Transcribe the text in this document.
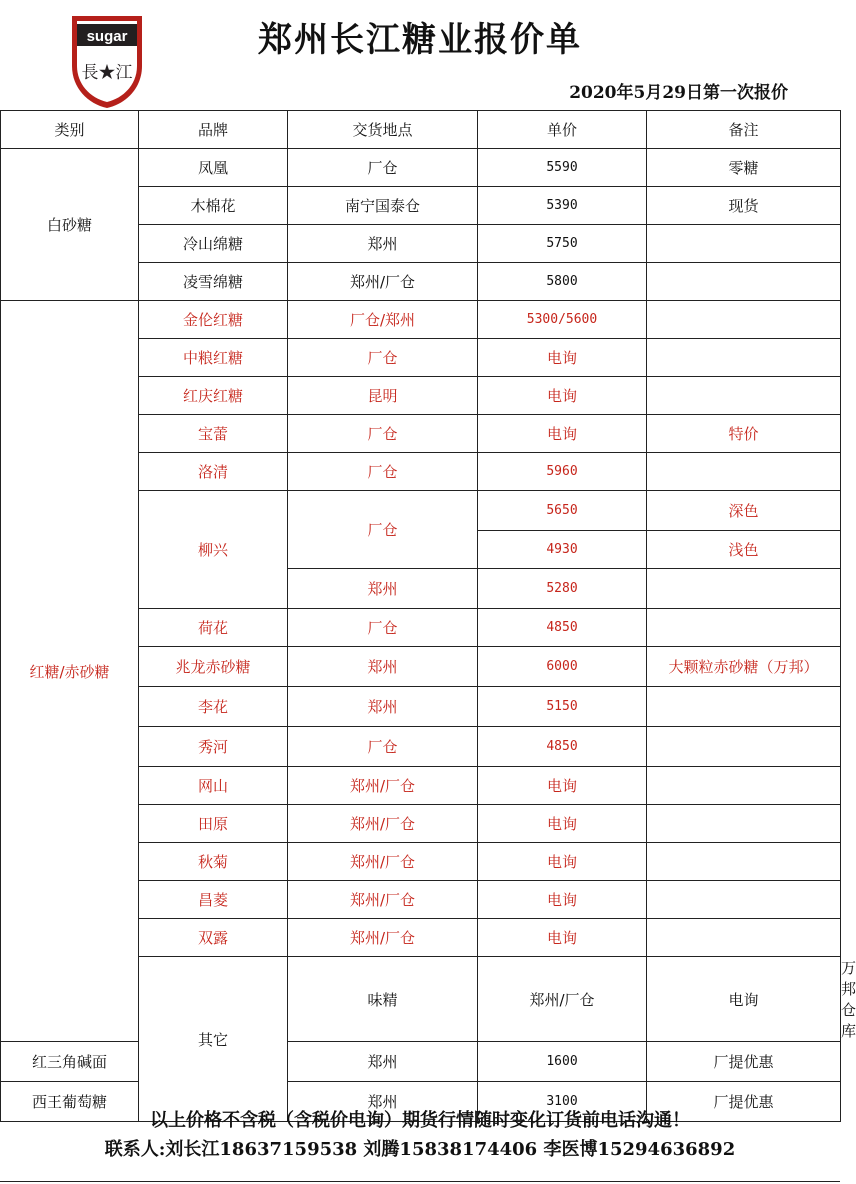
sugar
長★江
郑州长江糖业报价单
2020年5月29日第一次报价
类别	品牌	交货地点	单价	备注	
白砂糖	凤凰	厂仓	5590	零糖	
	木棉花	南宁国泰仓	5390	现货	
	冷山绵糖	郑州	5750		
	凌雪绵糖	郑州/厂仓	5800		
红糖/赤砂糖	金伦红糖	厂仓/郑州	5300/5600		
	中粮红糖	厂仓	电询		
	红庆红糖	昆明	电询		
	宝蕾	厂仓	电询	特价	
	洛清	厂仓	5960		
	柳兴	厂仓	5650	深色	
			4930	浅色	
		郑州	5280		
	荷花	厂仓	4850		
	兆龙赤砂糖	郑州	6000	大颗粒赤砂糖（万邦）	
	李花	郑州	5150		
	秀河	厂仓	4850		
	网山	郑州/厂仓	电询		
	田原	郑州/厂仓	电询		
	秋菊	郑州/厂仓	电询		
	昌菱	郑州/厂仓	电询		
	双露	郑州/厂仓	电询		
	其它	味精	郑州/厂仓	电询	万邦仓库
红三角碱面		郑州	1600	厂提优惠	
西王葡萄糖		郑州	3100	厂提优惠	
以上价格不含税（含税价电询）期货行情随时变化订货前电话沟通！
联系人:刘长江18637159538 刘腾15838174406 李医博15294636892
